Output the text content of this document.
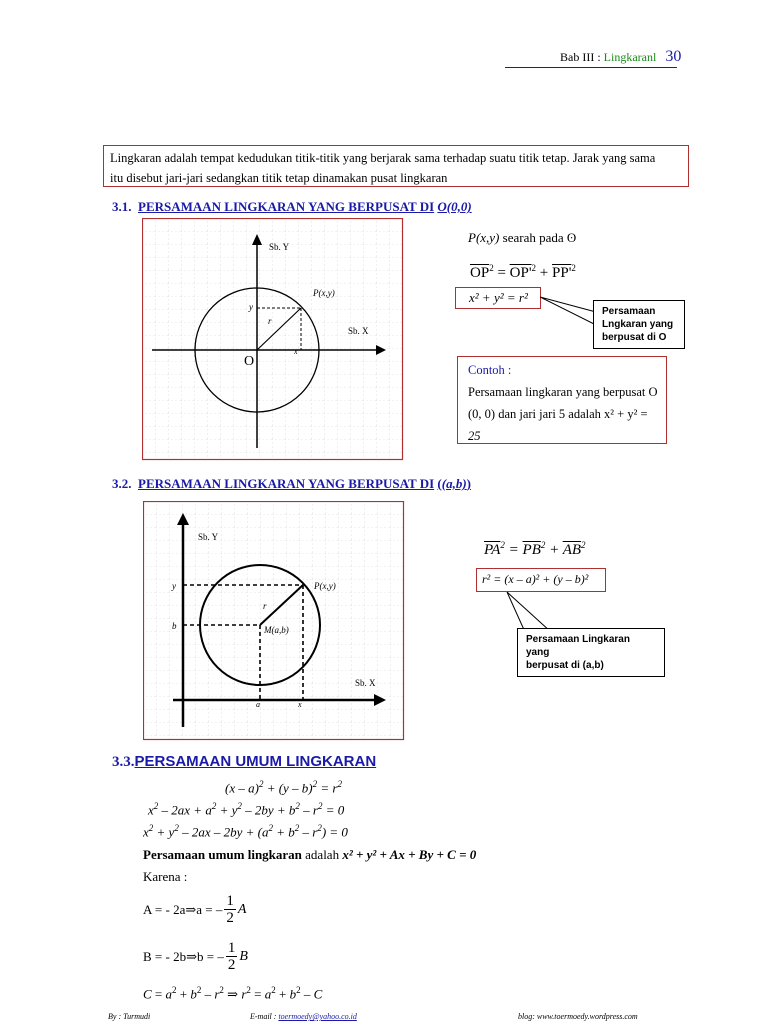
Bab III : Lingkaranl 30
Lingkaran adalah tempat kedudukan titik-titik yang berjarak sama terhadap suatu titik tetap. Jarak yang sama
itu disebut jari-jari sedangkan titik tetap dinamakan pusat lingkaran
3.1. PERSAMAAN LINGKARAN YANG BERPUSAT DI O(0,0)
Sb. Y
Sb. X
P(x,y)
y
r
x
O
P(x,y) searah pada ʘ
$\overline{OP}^2 = OP'^2 + PP'^2$
x² + y² = r²
Persamaan
Lngkaran yang
berpusat di O
Contoh :
Persamaan lingkaran yang berpusat O
(0, 0) dan jari jari 5 adalah x² + y² =
25
3.2. PERSAMAAN LINGKARAN YANG BERPUSAT DI ((a,b))
Sb. Y
Sb. X
P(x,y)
y
b
r
M(a,b)
a	x
$\overline{PA}^2 = \overline{PB}^2 + \overline{AB}^2$
r² = (x – a)² + (y – b)²
Persamaan Lingkaran yang
berpusat di (a,b)
3.3.PERSAMAAN UMUM LINGKARAN
$(x - a)^2 + (y - b)^2 = r^2$
$x^2 - 2ax + a^2 + y^2 - 2by + b^2 - r^2 = 0$
$x^2 + y^2 - 2ax - 2by + (a^2 + b^2 - r^2) = 0$
Persamaan umum lingkaran adalah x² + y² + Ax + By + C = 0
Karena :
A = - 2a ⇒ a = – $\frac{1}{2}$ A
B = - 2b ⇒ b = – $\frac{1}{2}$ B
$C = a^2 + b^2 - r^2$ ⇒ $r^2 = a^2 + b^2 - C$
By : Turmudi	E-mail : toermoedy@yahoo.co.id	blog: www.toermoedy.wordpress.com
